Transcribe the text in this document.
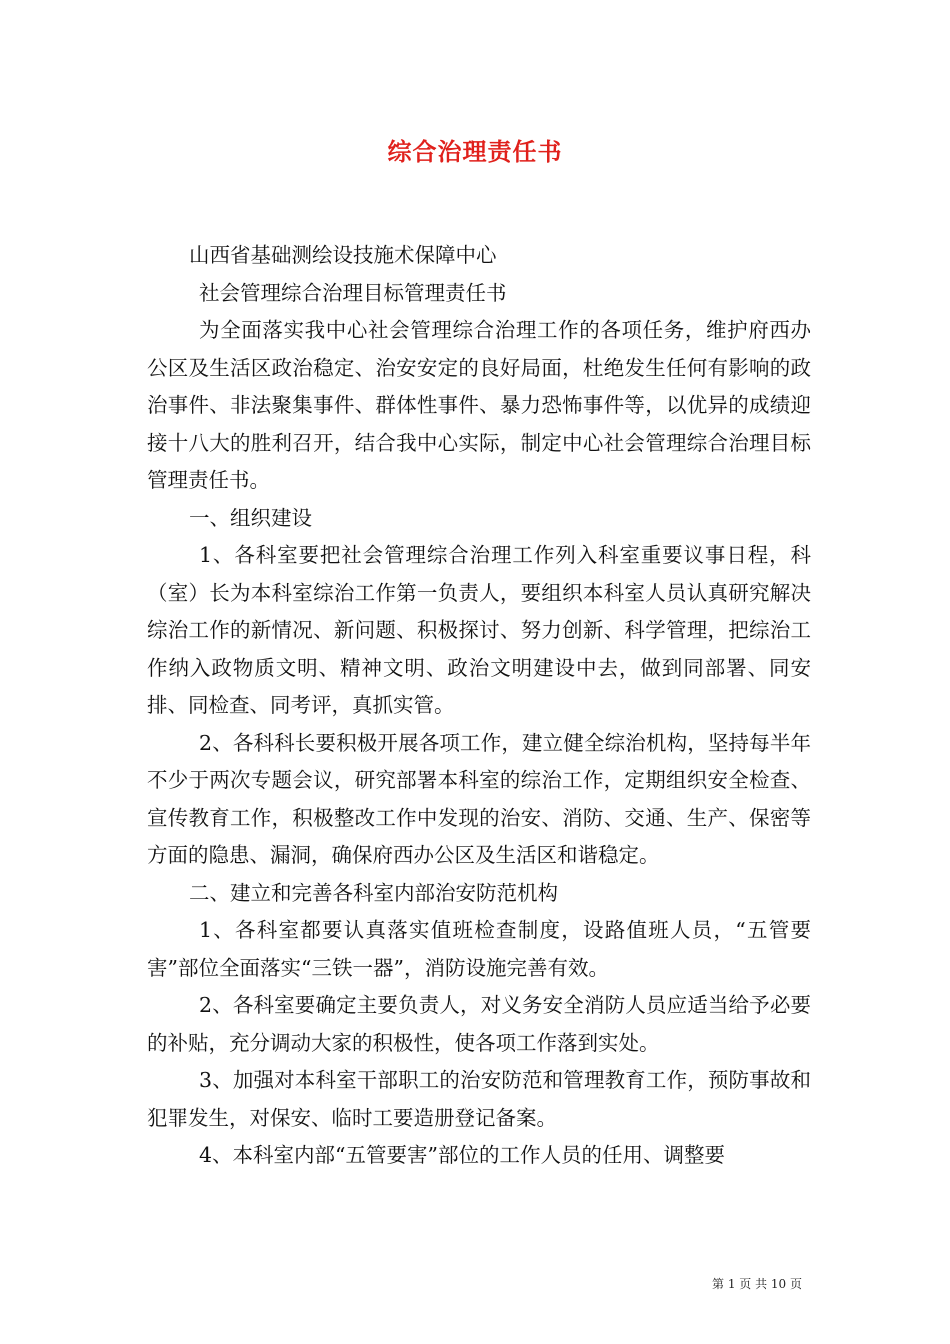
综合治理责任书

山西省基础测绘设技施术保障中心

社会管理综合治理目标管理责任书

为全面落实我中心社会管理综合治理工作的各项任务，维护府西办公区及生活区政治稳定、治安安定的良好局面，杜绝发生任何有影响的政治事件、非法聚集事件、群体性事件、暴力恐怖事件等，以优异的成绩迎接十八大的胜利召开，结合我中心实际，制定中心社会管理综合治理目标管理责任书。

一、组织建设

1、各科室要把社会管理综合治理工作列入科室重要议事日程，科（室）长为本科室综治工作第一负责人，要组织本科室人员认真研究解决综治工作的新情况、新问题、积极探讨、努力创新、科学管理，把综治工作纳入政物质文明、精神文明、政治文明建设中去，做到同部署、同安排、同检查、同考评，真抓实管。

2、各科科长要积极开展各项工作，建立健全综治机构，坚持每半年不少于两次专题会议，研究部署本科室的综治工作，定期组织安全检查、宣传教育工作，积极整改工作中发现的治安、消防、交通、生产、保密等方面的隐患、漏洞，确保府西办公区及生活区和谐稳定。

二、建立和完善各科室内部治安防范机构

1、各科室都要认真落实值班检查制度，设路值班人员，“五管要害”部位全面落实“三铁一器”，消防设施完善有效。

2、各科室要确定主要负责人，对义务安全消防人员应适当给予必要的补贴，充分调动大家的积极性，使各项工作落到实处。

3、加强对本科室干部职工的治安防范和管理教育工作，预防事故和犯罪发生，对保安、临时工要造册登记备案。

4、本科室内部“五管要害”部位的工作人员的任用、调整要

第 1 页 共 10 页
